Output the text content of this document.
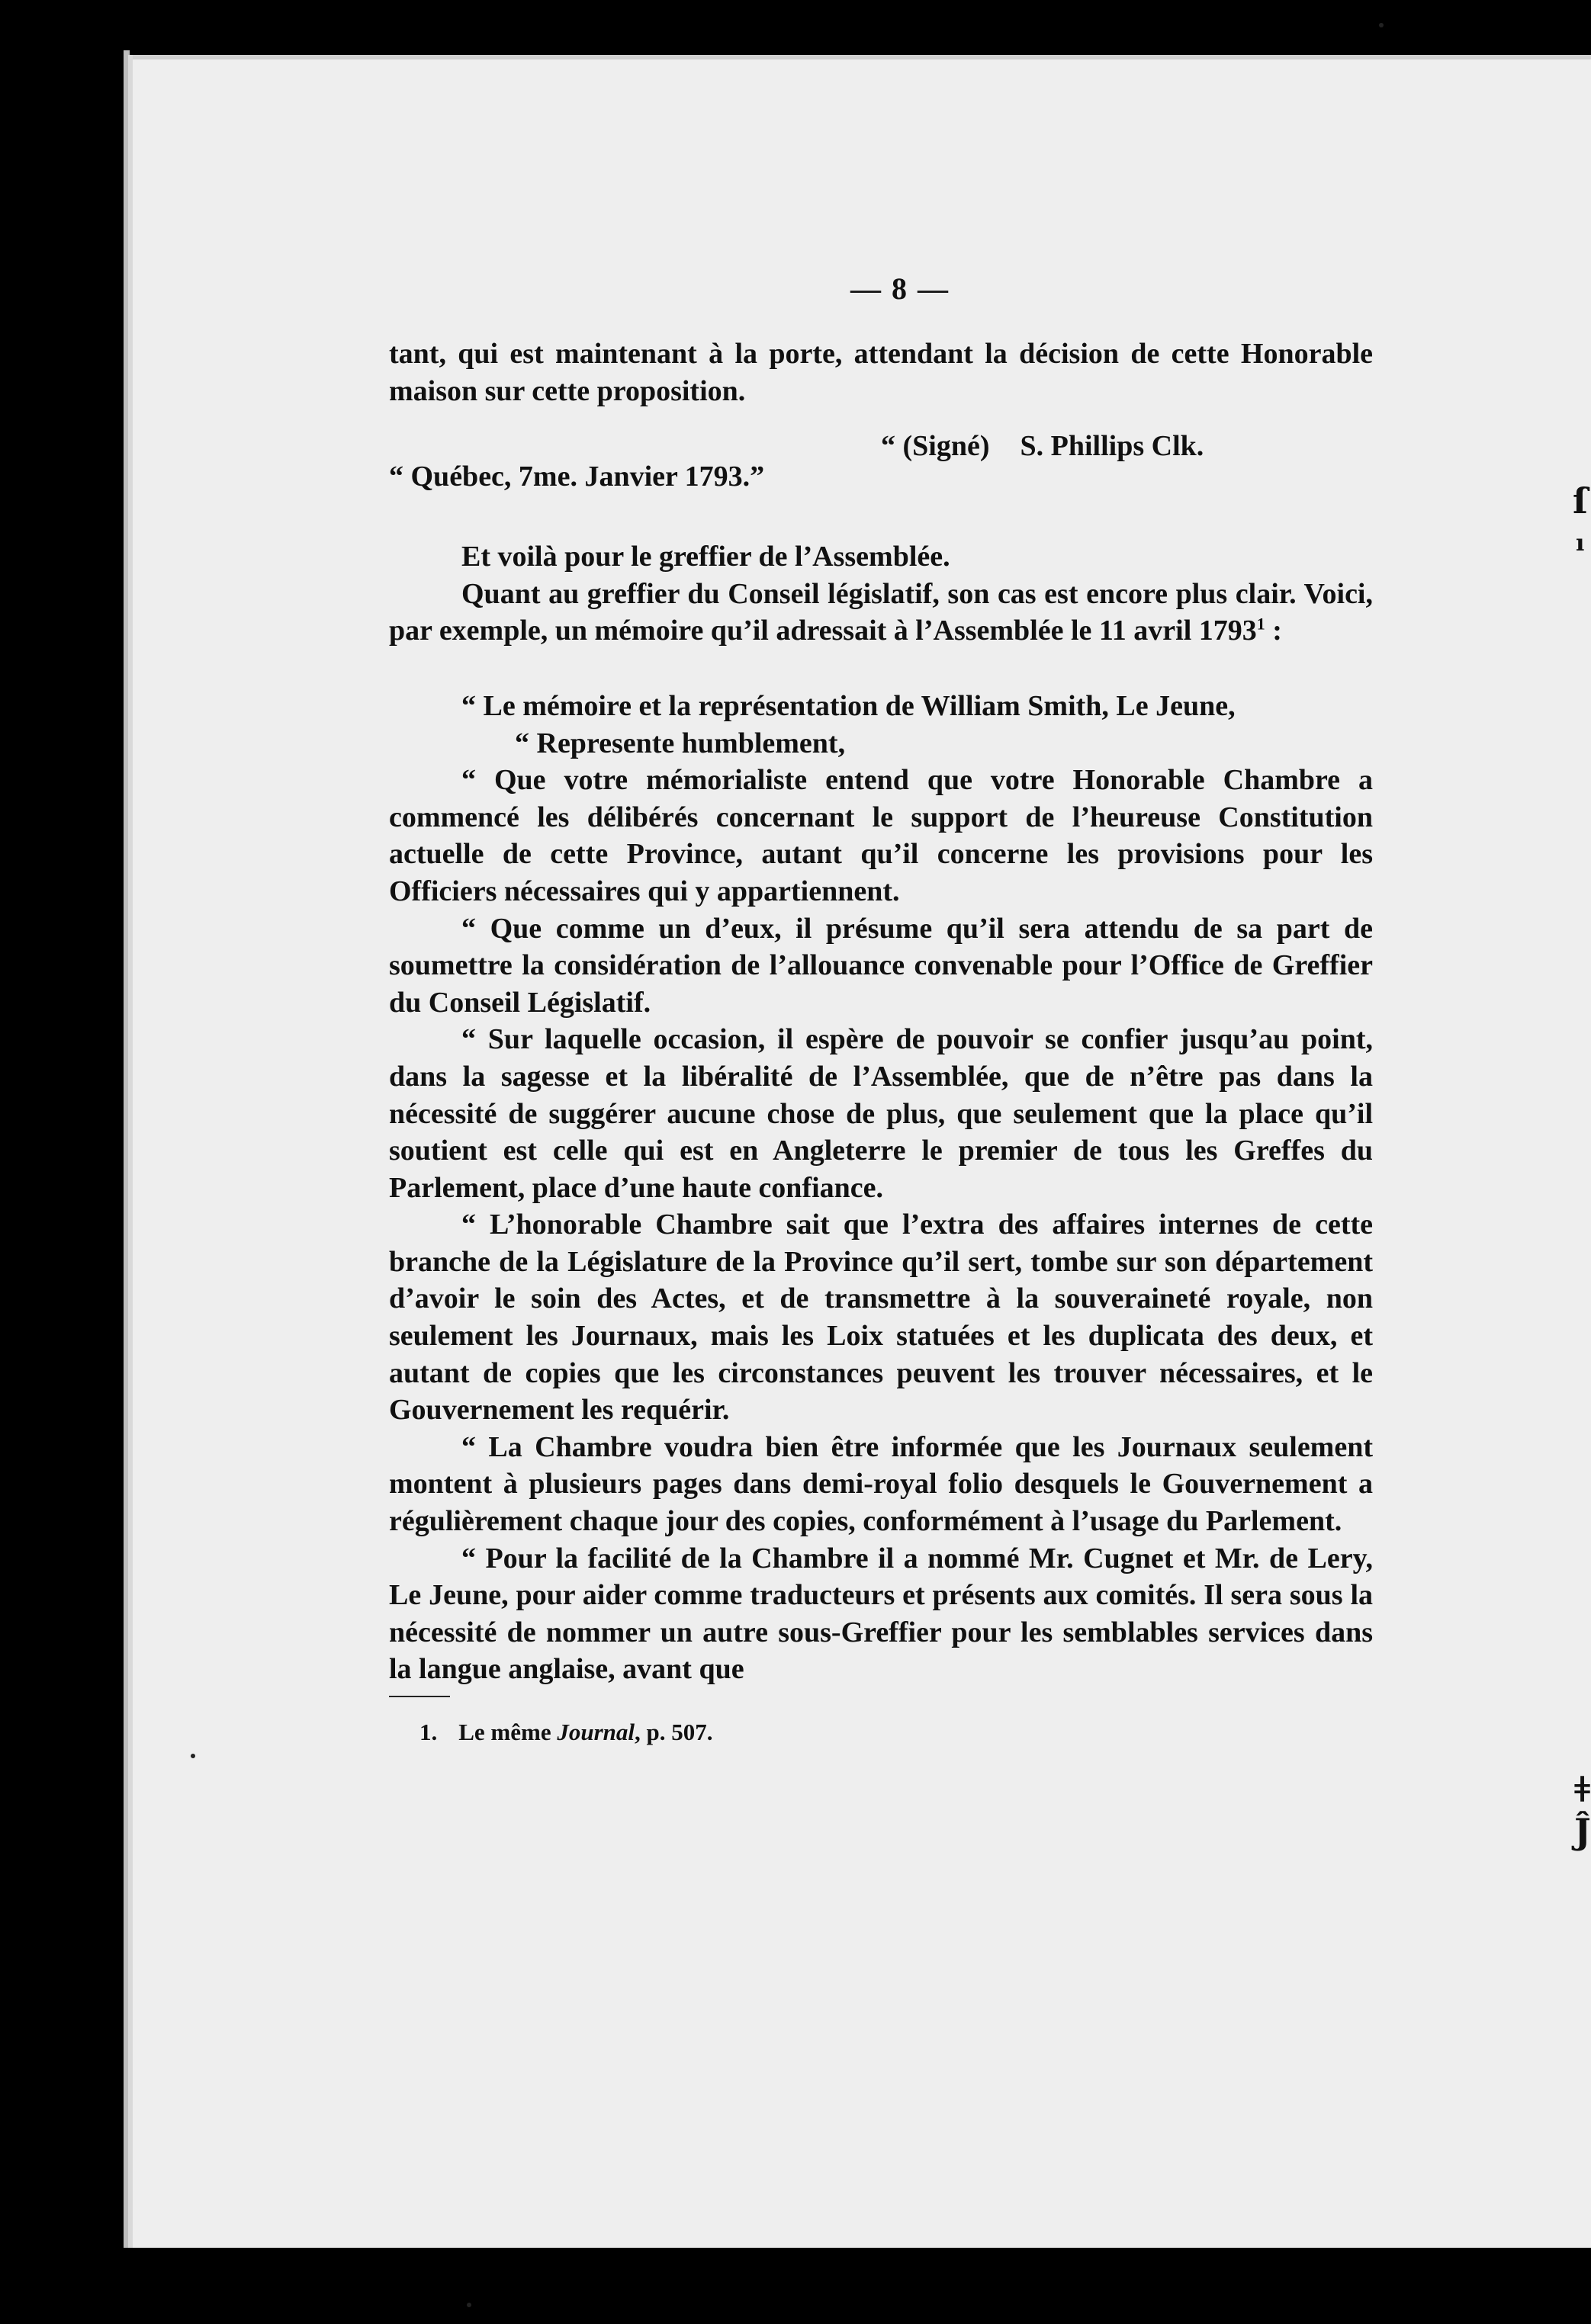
ſ
ı
ǂ
Ĵ
— 8 —

tant, qui est maintenant à la porte, attendant la décision de cette Honorable maison sur cette proposition.

“ (Signé) S. Phillips Clk.
“ Québec, 7me. Janvier 1793.”

Et voilà pour le greffier de l’Assemblée.

Quant au greffier du Conseil législatif, son cas est encore plus clair. Voici, par exemple, un mémoire qu’il adressait à l’Assemblée le 11 avril 1793$^1$ :

“ Le mémoire et la représentation de William Smith, Le Jeune,

“ Represente humblement,

“ Que votre mémorialiste entend que votre Honorable Chambre a commencé les délibérés concernant le support de l’heureuse Constitution actuelle de cette Province, autant qu’il concerne les provisions pour les Officiers nécessaires qui y appartiennent.

“ Que comme un d’eux, il présume qu’il sera attendu de sa part de soumettre la considération de l’allouance convenable pour l’Office de Greffier du Conseil Législatif.

“ Sur laquelle occasion, il espère de pouvoir se confier jusqu’au point, dans la sagesse et la libéralité de l’Assemblée, que de n’être pas dans la nécessité de suggérer aucune chose de plus, que seulement que la place qu’il soutient est celle qui est en Angleterre le premier de tous les Greffes du Parlement, place d’une haute confiance.

“ L’honorable Chambre sait que l’extra des affaires internes de cette branche de la Législature de la Province qu’il sert, tombe sur son département d’avoir le soin des Actes, et de transmettre à la souveraineté royale, non seulement les Journaux, mais les Loix statuées et les duplicata des deux, et autant de copies que les circonstances peuvent les trouver nécessaires, et le Gouvernement les requérir.

“ La Chambre voudra bien être informée que les Journaux seulement montent à plusieurs pages dans demi-royal folio desquels le Gouvernement a régulièrement chaque jour des copies, conformément à l’usage du Parlement.

“ Pour la facilité de la Chambre il a nommé Mr. Cugnet et Mr. de Lery, Le Jeune, pour aider comme traducteurs et présents aux comités. Il sera sous la nécessité de nommer un autre sous-Greffier pour les semblables services dans la langue anglaise, avant que

1. Le même Journal, p. 507.
